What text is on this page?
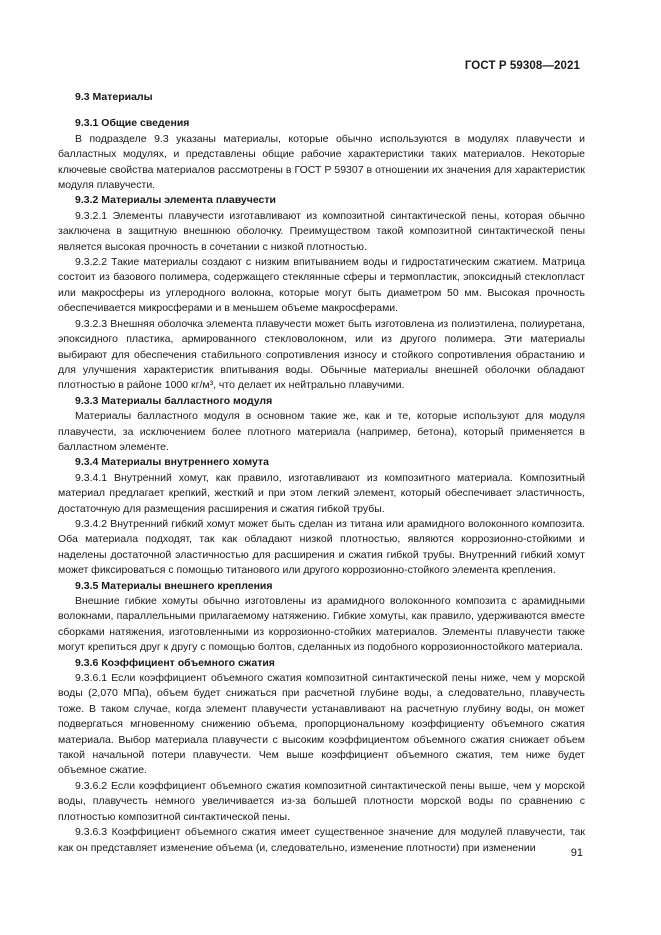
ГОСТ Р 59308—2021
9.3 Материалы
9.3.1 Общие сведения

В подразделе 9.3 указаны материалы, которые обычно используются в модулях плавучести и балластных модулях, и представлены общие рабочие характеристики таких материалов. Некоторые ключевые свойства материалов рассмотрены в ГОСТ Р 59307 в отношении их значения для характеристик модуля плавучести.

9.3.2 Материалы элемента плавучести

9.3.2.1 Элементы плавучести изготавливают из композитной синтактической пены, которая обычно заключена в защитную внешнюю оболочку. Преимуществом такой композитной синтактической пены является высокая прочность в сочетании с низкой плотностью.

9.3.2.2 Такие материалы создают с низким впитыванием воды и гидростатическим сжатием. Матрица состоит из базового полимера, содержащего стеклянные сферы и термопластик, эпоксидный стеклопласт или макросферы из углеродного волокна, которые могут быть диаметром 50 мм. Высокая прочность обеспечивается микросферами и в меньшем объеме макросферами.

9.3.2.3 Внешняя оболочка элемента плавучести может быть изготовлена из полиэтилена, полиуретана, эпоксидного пластика, армированного стекловолокном, или из другого полимера. Эти материалы выбирают для обеспечения стабильного сопротивления износу и стойкого сопротивления обрастанию и для улучшения характеристик впитывания воды. Обычные материалы внешней оболочки обладают плотностью в районе 1000 кг/м³, что делает их нейтрально плавучими.

9.3.3 Материалы балластного модуля

Материалы балластного модуля в основном такие же, как и те, которые используют для модуля плавучести, за исключением более плотного материала (например, бетона), который применяется в балластном элементе.

9.3.4 Материалы внутреннего хомута

9.3.4.1 Внутренний хомут, как правило, изготавливают из композитного материала. Композитный материал предлагает крепкий, жесткий и при этом легкий элемент, который обеспечивает эластичность, достаточную для размещения расширения и сжатия гибкой трубы.

9.3.4.2 Внутренний гибкий хомут может быть сделан из титана или арамидного волоконного композита. Оба материала подходят, так как обладают низкой плотностью, являются коррозионно-стойкими и наделены достаточной эластичностью для расширения и сжатия гибкой трубы. Внутренний гибкий хомут может фиксироваться с помощью титанового или другого коррозионно-стойкого элемента крепления.

9.3.5 Материалы внешнего крепления

Внешние гибкие хомуты обычно изготовлены из арамидного волоконного композита с арамидными волокнами, параллельными прилагаемому натяжению. Гибкие хомуты, как правило, удерживаются вместе сборками натяжения, изготовленными из коррозионно-стойких материалов. Элементы плавучести также могут крепиться друг к другу с помощью болтов, сделанных из подобного коррозионностойкого материала.

9.3.6 Коэффициент объемного сжатия

9.3.6.1 Если коэффициент объемного сжатия композитной синтактической пены ниже, чем у морской воды (2,070 МПа), объем будет снижаться при расчетной глубине воды, а следовательно, плавучесть тоже. В таком случае, когда элемент плавучести устанавливают на расчетную глубину воды, он может подвергаться мгновенному снижению объема, пропорциональному коэффициенту объемного сжатия материала. Выбор материала плавучести с высоким коэффициентом объемного сжатия снижает объем такой начальной потери плавучести. Чем выше коэффициент объемного сжатия, тем ниже будет объемное сжатие.

9.3.6.2 Если коэффициент объемного сжатия композитной синтактической пены выше, чем у морской воды, плавучесть немного увеличивается из-за большей плотности морской воды по сравнению с плотностью композитной синтактической пены.

9.3.6.3 Коэффициент объемного сжатия имеет существенное значение для модулей плавучести, так как он представляет изменение объема (и, следовательно, изменение плотности) при изменении	91
